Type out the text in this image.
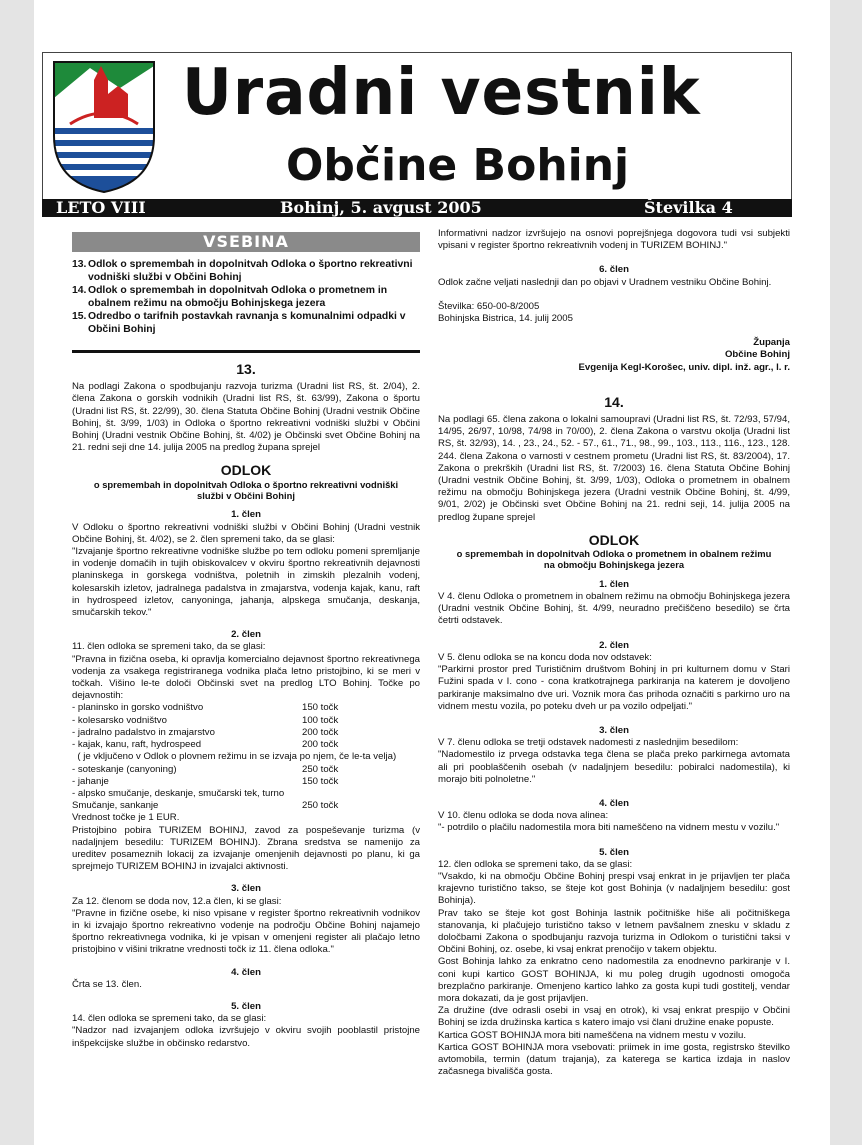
Uradni vestnik
Občine Bohinj
LETO VIII	Bohinj, 5. avgust 2005	Številka 4
VSEBINA
13. Odlok o spremembah in dopolnitvah Odloka o športno rekreativni vodniški službi v Občini Bohinj
14. Odlok o spremembah in dopolnitvah Odloka o prometnem in obalnem režimu na območju Bohinjskega jezera
15. Odredbo o tarifnih postavkah ravnanja s komunalnimi odpadki v Občini Bohinj
13.

Na podlagi Zakona o spodbujanju razvoja turizma (Uradni list RS, št. 2/04), 2. člena Zakona o gorskih vodnikih (Uradni list RS, št. 63/99), Zakona o športu (Uradni list RS, št. 22/99), 30. člena Statuta Občine Bohinj (Uradni vestnik Občine Bohinj, št. 3/99, 1/03) in Odloka o športno rekreativni vodniški službi v Občini Bohinj (Uradni vestnik Občine Bohinj, št. 4/02) je Občinski svet Občine Bohinj na 21. redni seji dne 14. julija 2005 na predlog župana sprejel

ODLOK
o spremembah in dopolnitvah Odloka o športno rekreativni vodniški službi v Občini Bohinj
1. člen

V Odloku o športno rekreativni vodniški službi v Občini Bohinj (Uradni vestnik Občine Bohinj, št. 4/02), se 2. člen spremeni tako, da se glasi:

"Izvajanje športno rekreativne vodniške službe po tem odloku pomeni spremljanje in vodenje domačih in tujih obiskovalcev v okviru športno rekreativnih dejavnosti planinskega in gorskega vodništva, poletnih in zimskih plezalnih vodenj, kolesarskih izletov, jadralnega padalstva in zmajarstva, vodenja kajak, kanu, raft in hydrospeed izletov, canyoninga, jahanja, alpskega smučanja, deskanja, smučarskih tekov."

2. člen

11. člen odloka se spremeni tako, da se glasi:

"Pravna in fizična oseba, ki opravlja komercialno dejavnost športno rekreativnega vodenja za vsakega registriranega vodnika plača letno pristojbino, ki se meri v točkah. Višino le-te določi Občinski svet na predlog LTO Bohinj. Točke po dejavnostih:

- planinsko in gorsko vodništvo	150 točk
- kolesarsko vodništvo	100 točk
- jadralno padalstvo in zmajarstvo	200 točk
- kajak, kanu, raft, hydrospeed	200 točk
( je vključeno v Odlok o plovnem režimu in se izvaja po njem, če le-ta velja)
- soteskanje (canyoning)	250 točk
- jahanje	150 točk
- alpsko smučanje, deskanje, smučarski tek, turno
Smučanje, sankanje	250 točk

Vrednost točke je 1 EUR.

Pristojbino pobira TURIZEM BOHINJ, zavod za pospeševanje turizma (v nadaljnjem besedilu: TURIZEM BOHINJ). Zbrana sredstva se namenijo za ureditev posameznih lokacij za izvajanje omenjenih dejavnosti po planu, ki ga sprejmejo TURIZEM BOHINJ in izvajalci aktivnosti.

3. člen

Za 12. členom se doda nov, 12.a člen, ki se glasi:

"Pravne in fizične osebe, ki niso vpisane v register športno rekreativnih vodnikov in ki izvajajo športno rekreativno vodenje na področju Občine Bohinj najamejo športno rekreativnega vodnika, ki je vpisan v omenjeni register ali plačajo letno pristojbino v višini trikratne vrednosti točk iz 11. člena odloka."

4. člen

Črta se 13. člen.

5. člen

14. člen odloka se spremeni tako, da se glasi:

"Nadzor nad izvajanjem odloka izvršujejo v okviru svojih pooblastil pristojne inšpekcijske službe in občinsko redarstvo.

Informativni nadzor izvršujejo na osnovi poprejšnjega dogovora tudi vsi subjekti vpisani v register športno rekreativnih vodenj in TURIZEM BOHINJ."

6. člen

Odlok začne veljati naslednji dan po objavi v Uradnem vestniku Občine Bohinj.

Številka: 650-00-8/2005

Bohinjska Bistrica, 14. julij 2005

Županja
Občine Bohinj
Evgenija Kegl-Korošec, univ. dipl. inž. agr., l. r.
14.

Na podlagi 65. člena zakona o lokalni samoupravi (Uradni list RS, št. 72/93, 57/94, 14/95, 26/97, 10/98, 74/98 in 70/00), 2. člena Zakona o varstvu okolja (Uradni list RS, št. 32/93), 14. , 23., 24., 52. - 57., 61., 71., 98., 99., 103., 113., 116., 123., 128. 244. člena Zakona o varnosti v cestnem prometu (Uradni list RS, št. 83/2004), 17. Zakona o prekrških (Uradni list RS, št. 7/2003) 16. člena Statuta Občine Bohinj (Uradni vestnik Občine Bohinj, št. 3/99, 1/03), Odloka o prometnem in obalnem režimu na območju Bohinjskega jezera (Uradni vestnik Občine Bohinj, št. 4/99, 9/01, 2/02) je Občinski svet Občine Bohinj na 21. redni seji, 14. julija 2005 na predlog župane sprejel

ODLOK
o spremembah in dopolnitvah Odloka o prometnem in obalnem režimu na območju Bohinjskega jezera
1. člen

V 4. členu Odloka o prometnem in obalnem režimu na območju Bohinjskega jezera (Uradni vestnik Občine Bohinj, št. 4/99, neuradno prečiščeno besedilo) se črta četrti odstavek.

2. člen

V 5. členu odloka se na koncu doda nov odstavek:

"Parkirni prostor pred Turističnim društvom Bohinj in pri kulturnem domu v Stari Fužini spada v I. cono - cona kratkotrajnega parkiranja na katerem je dovoljeno parkiranje maksimalno dve uri. Voznik mora čas prihoda označiti s parkirno uro na vidnem mestu vozila, po poteku dveh ur pa vozilo odpeljati."

3. člen

V 7. členu odloka se tretji odstavek nadomesti z naslednjim besedilom:

"Nadomestilo iz prvega odstavka tega člena se plača preko parkirnega avtomata ali pri pooblaščenih osebah (v nadaljnjem besedilu: pobiralci nadomestila), ki morajo biti polnoletne."

4. člen

V 10. členu odloka se doda nova alinea:

"- potrdilo o plačilu nadomestila mora biti nameščeno na vidnem mestu v vozilu."

5. člen

12. člen odloka se spremeni tako, da se glasi:

"Vsakdo, ki na območju Občine Bohinj prespi vsaj enkrat in je prijavljen ter plača krajevno turistično takso, se šteje kot gost Bohinja (v nadaljnjem besedilu: gost Bohinja).

Prav tako se šteje kot gost Bohinja lastnik počitniške hiše ali počitniškega stanovanja, ki plačujejo turistično takso v letnem pavšalnem znesku v skladu z določbami Zakona o spodbujanju razvoja turizma in Odlokom o turistični taksi v Občini Bohinj, oz. osebe, ki vsaj enkrat prenočijo v takem objektu.

Gost Bohinja lahko za enkratno ceno nadomestila za enodnevno parkiranje v I. coni kupi kartico GOST BOHINJA, ki mu poleg drugih ugodnosti omogoča brezplačno parkiranje. Omenjeno kartico lahko za gosta kupi tudi gostitelj, vendar mora dokazati, da je gost prijavljen.

Za družine (dve odrasli osebi in vsaj en otrok), ki vsaj enkrat prespijo v Občini Bohinj se izda družinska kartica s katero imajo vsi člani družine enake popuste.

Kartica GOST BOHINJA mora biti nameščena na vidnem mestu v vozilu.

Kartica GOST BOHINJA mora vsebovati: priimek in ime gosta, registrsko številko avtomobila, termin (datum trajanja), za katerega se kartica izdaja in naslov začasnega bivališča gosta.
